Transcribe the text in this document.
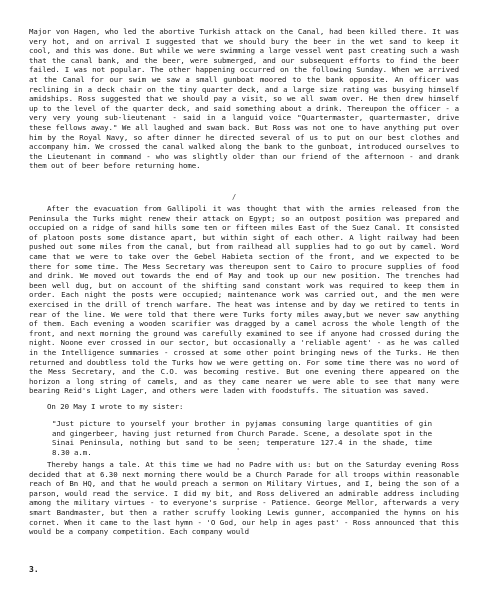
Major von Hagen, who led the abortive Turkish attack on the Canal, had been killed there. It was very hot, and on arrival I suggested that we should bury the beer in the wet sand to keep it cool, and this was done. But while we were swimming a large vessel went past creating such a wash that the canal bank, and the beer, were submerged, and our subsequent efforts to find the beer failed. I was not popular. The other happening occurred on the following Sunday. When we arrived at the Canal for our swim we saw a small gunboat moored to the bank opposite. An officer was reclining in a deck chair on the tiny quarter deck, and a large size rating was busying himself amidships. Ross suggested that we should pay a visit, so we all swam over. He then drew himself up to the level of the quarter deck, and said something about a drink. Thereupon the officer - a very very young sub-lieutenant - said in a languid voice "Quartermaster, quartermaster, drive these fellows away." We all laughed and swam back. But Ross was not one to have anything put over him by the Royal Navy, so after dinner he directed several of us to put on our best clothes and accompany him. We crossed the canal walked along the bank to the gunboat, introduced ourselves to the Lieutenant in command - who was slightly older than our friend of the afternoon - and drank them out of beer before returning home.

/

After the evacuation from Gallipoli it was thought that with the armies released from the Peninsula the Turks might renew their attack on Egypt; so an outpost position was prepared and occupied on a ridge of sand hills some ten or fifteen miles East of the Suez Canal. It consisted of platoon posts some distance apart, but within sight of each other. A light railway had been pushed out some miles from the canal, but from railhead all supplies had to go out by camel. Word came that we were to take over the Gebel Habieta section of the front, and we expected to be there for some time. The Mess Secretary was thereupon sent to Cairo to procure supplies of food and drink. We moved out towards the end of May and took up our new position. The trenches had been well dug, but on account of the shifting sand constant work was required to keep them in order. Each night the posts were occupied; maintenance work was carried out, and the men were exercised in the drill of trench warfare. The heat was intense and by day we retired to tents in rear of the line. We were told that there were Turks forty miles away,but we never saw anything of them. Each evening a wooden scarifier was dragged by a camel across the whole length of the front, and next morning the ground was carefully examined to see if anyone had crossed during the night. Noone ever crossed in our sector, but occasionally a 'reliable agent' - as he was called in the Intelligence summaries - crossed at some other point bringing news of the Turks. He then returned and doubtless told the Turks how we were getting on. For some time there was no word of the Mess Secretary, and the C.O. was becoming restive. But one evening there appeared on the horizon a long string of camels, and as they came nearer we were able to see that many were bearing Reid's Light Lager, and others were laden with foodstuffs. The situation was saved.

On 20 May I wrote to my sister:

"Just picture to yourself your brother in pyjamas consuming large quantities of gin and gingerbeer, having just returned from Church Parade. Scene, a desolate spot in the Sinai Peninsula, nothing but sand to be seen; temperature 127.4 in the shade, time 8.30 a.m.	'

Thereby hangs a tale. At this time we had no Padre with us: but on the Saturday evening Ross decided that at 6.30 next morning there would be a Church Parade for all troops within reasonable reach of Bn HQ, and that he would preach a sermon on Military Virtues, and I, being the son of a parson, would read the service. I did my bit, and Ross delivered an admirable address including among the military virtues - to everyone's surprise - Patience. George Mellor, afterwards a very smart Bandmaster, but then a rather scruffy looking Lewis gunner, accompanied the hymns on his cornet. When it came to the last hymn - 'O God, our help in ages past' - Ross announced that this would be a company competition. Each company would

3.
